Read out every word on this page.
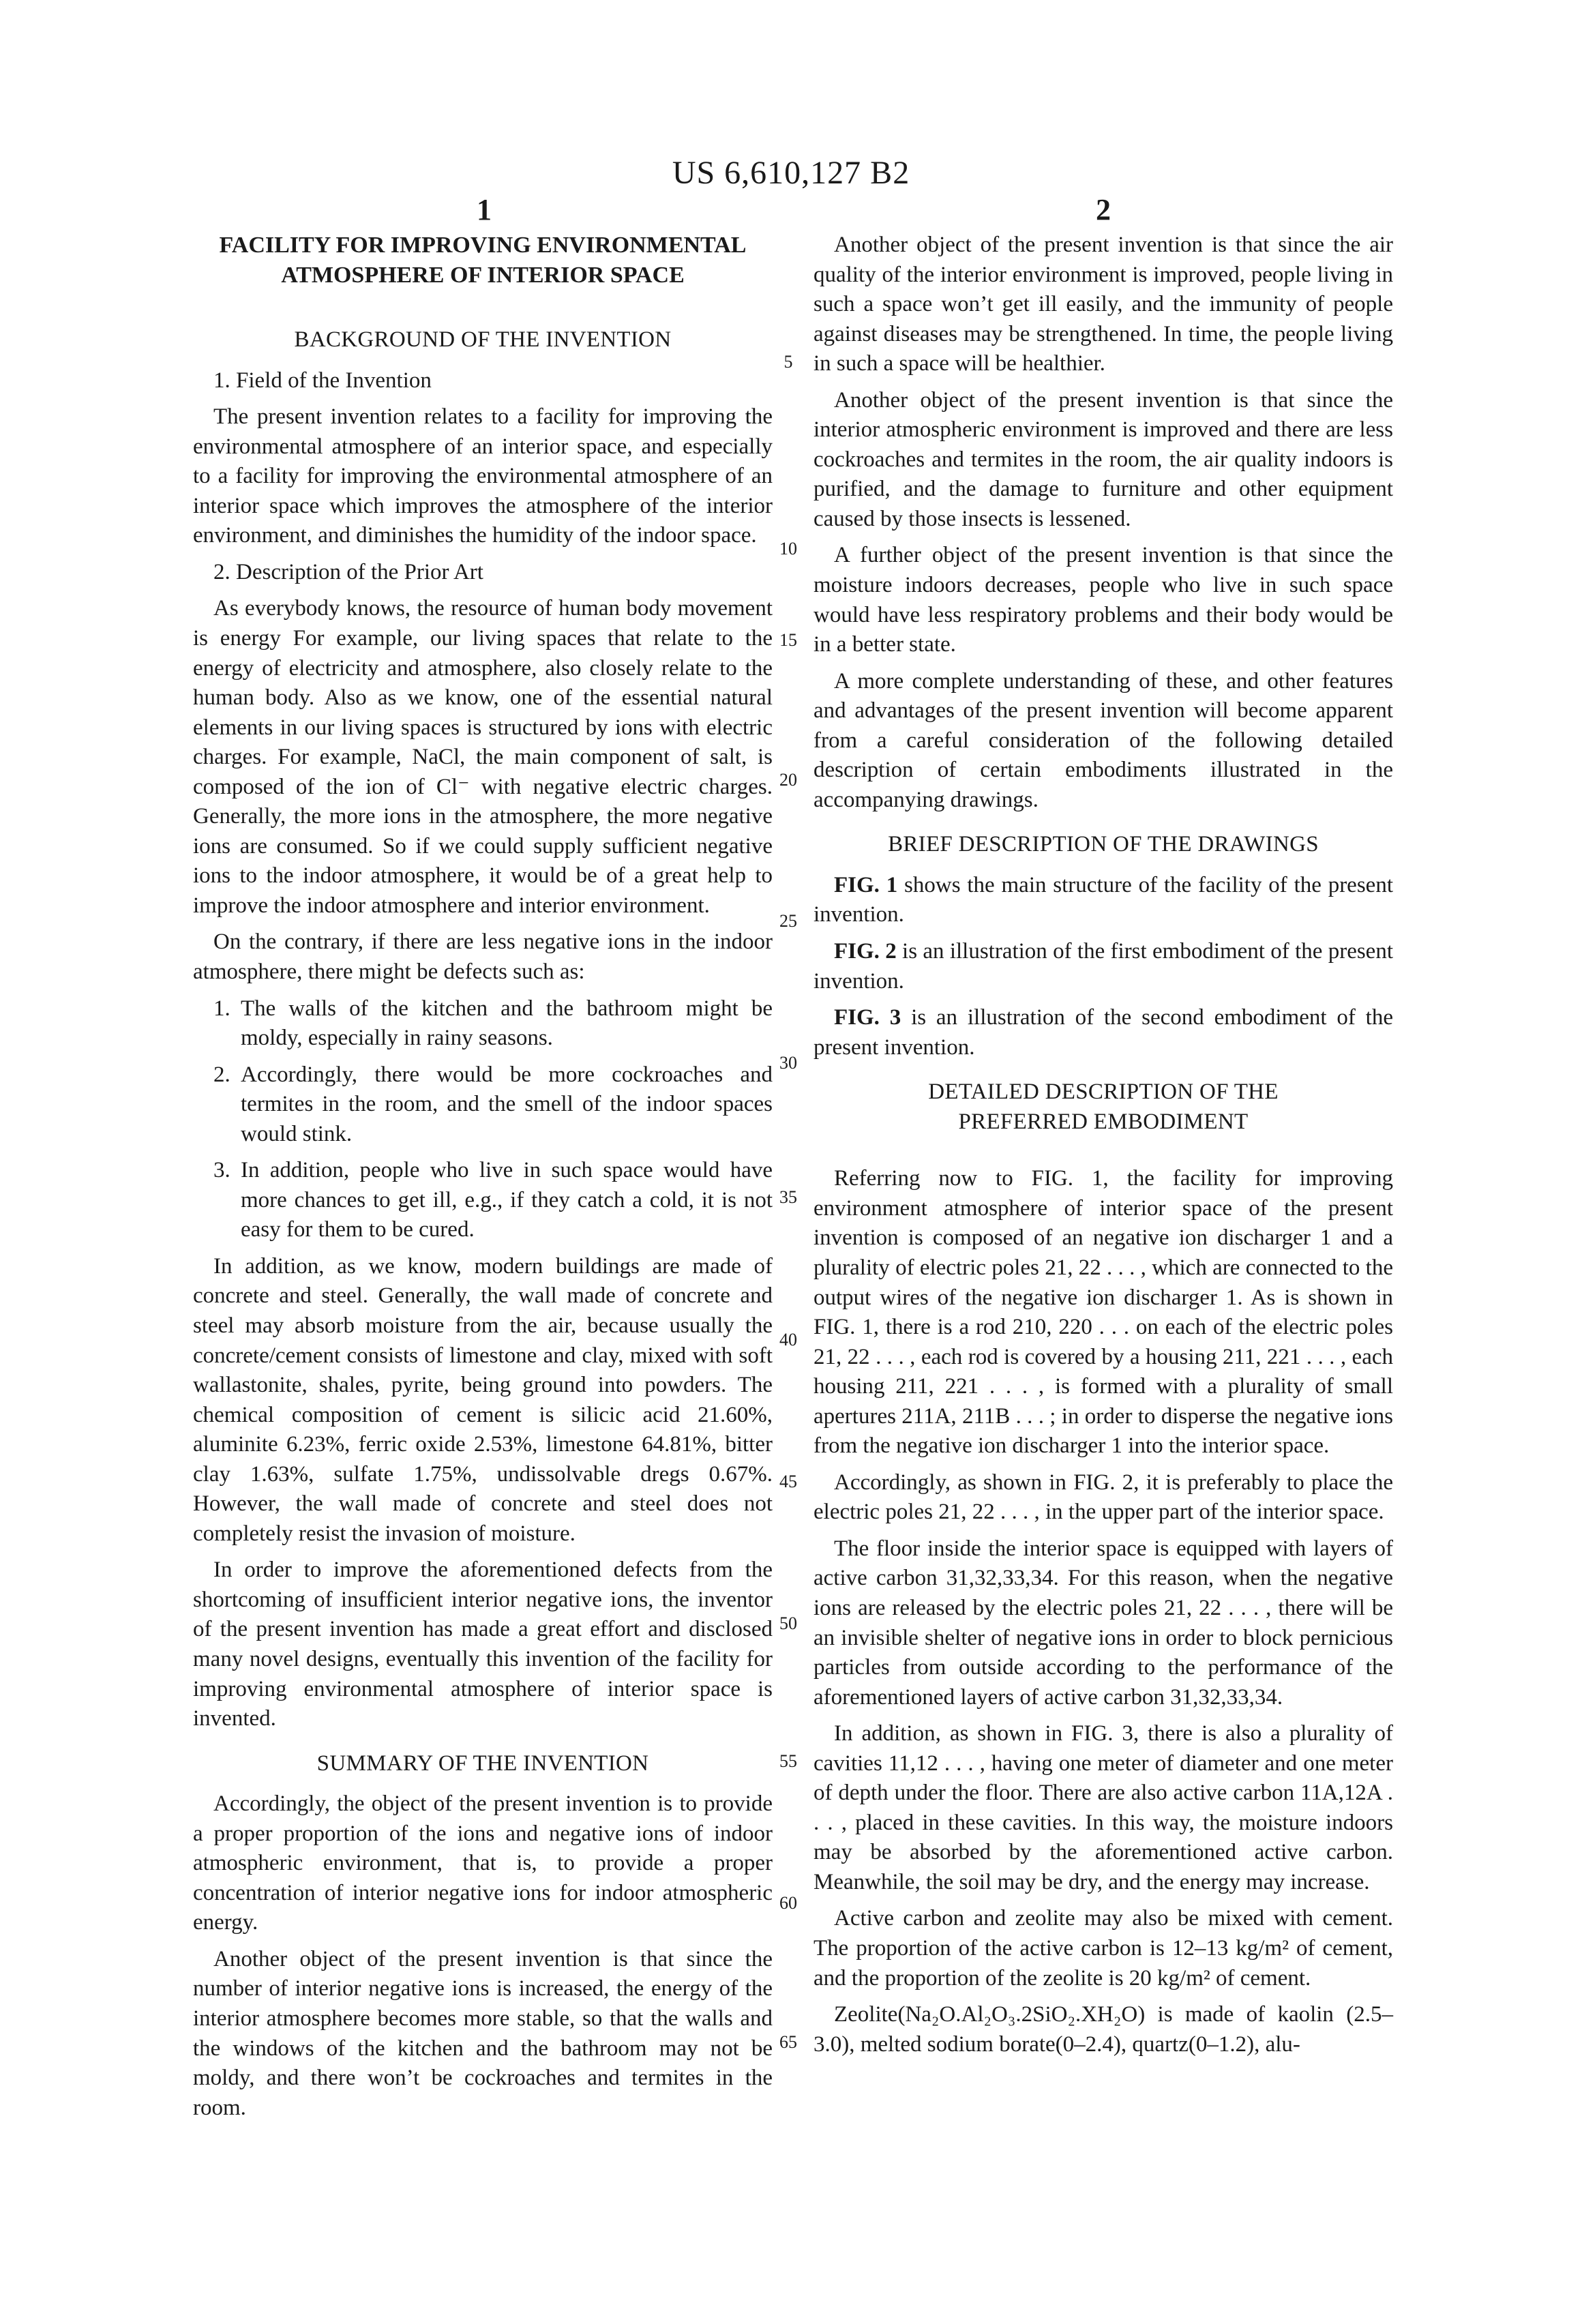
US 6,610,127 B2
1	2
FACILITY FOR IMPROVING ENVIRONMENTAL ATMOSPHERE OF INTERIOR SPACE
BACKGROUND OF THE INVENTION
1. Field of the Invention

The present invention relates to a facility for improving the environmental atmosphere of an interior space, and especially to a facility for improving the environmental atmosphere of an interior space which improves the atmosphere of the interior environment, and diminishes the humidity of the indoor space.

2. Description of the Prior Art

As everybody knows, the resource of human body movement is energy For example, our living spaces that relate to the energy of electricity and atmosphere, also closely relate to the human body. Also as we know, one of the essential natural elements in our living spaces is structured by ions with electric charges. For example, NaCl, the main component of salt, is composed of the ion of Cl⁻ with negative electric charges. Generally, the more ions in the atmosphere, the more negative ions are consumed. So if we could supply sufficient negative ions to the indoor atmosphere, it would be of a great help to improve the indoor atmosphere and interior environment.

On the contrary, if there are less negative ions in the indoor atmosphere, there might be defects such as:

1. The walls of the kitchen and the bathroom might be moldy, especially in rainy seasons.

2. Accordingly, there would be more cockroaches and termites in the room, and the smell of the indoor spaces would stink.

3. In addition, people who live in such space would have more chances to get ill, e.g., if they catch a cold, it is not easy for them to be cured.

In addition, as we know, modern buildings are made of concrete and steel. Generally, the wall made of concrete and steel may absorb moisture from the air, because usually the concrete/cement consists of limestone and clay, mixed with soft wallastonite, shales, pyrite, being ground into powders. The chemical composition of cement is silicic acid 21.60%, aluminite 6.23%, ferric oxide 2.53%, limestone 64.81%, bitter clay 1.63%, sulfate 1.75%, undissolvable dregs 0.67%. However, the wall made of concrete and steel does not completely resist the invasion of moisture.

In order to improve the aforementioned defects from the shortcoming of insufficient interior negative ions, the inventor of the present invention has made a great effort and disclosed many novel designs, eventually this invention of the facility for improving environmental atmosphere of interior space is invented.

SUMMARY OF THE INVENTION

Accordingly, the object of the present invention is to provide a proper proportion of the ions and negative ions of indoor atmospheric environment, that is, to provide a proper concentration of interior negative ions for indoor atmospheric energy.

Another object of the present invention is that since the number of interior negative ions is increased, the energy of the interior atmosphere becomes more stable, so that the walls and the windows of the kitchen and the bathroom may not be moldy, and there won’t be cockroaches and termites in the room.

Another object of the present invention is that since the air quality of the interior environment is improved, people living in such a space won’t get ill easily, and the immunity of people against diseases may be strengthened. In time, the people living in such a space will be healthier.

Another object of the present invention is that since the interior atmospheric environment is improved and there are less cockroaches and termites in the room, the air quality indoors is purified, and the damage to furniture and other equipment caused by those insects is lessened.

A further object of the present invention is that since the moisture indoors decreases, people who live in such space would have less respiratory problems and their body would be in a better state.

A more complete understanding of these, and other features and advantages of the present invention will become apparent from a careful consideration of the following detailed description of certain embodiments illustrated in the accompanying drawings.

BRIEF DESCRIPTION OF THE DRAWINGS

FIG. 1 shows the main structure of the facility of the present invention.

FIG. 2 is an illustration of the first embodiment of the present invention.

FIG. 3 is an illustration of the second embodiment of the present invention.

DETAILED DESCRIPTION OF THE
PREFERRED EMBODIMENT

Referring now to FIG. 1, the facility for improving environment atmosphere of interior space of the present invention is composed of an negative ion discharger 1 and a plurality of electric poles 21, 22 . . . , which are connected to the output wires of the negative ion discharger 1. As is shown in FIG. 1, there is a rod 210, 220 . . . on each of the electric poles 21, 22 . . . , each rod is covered by a housing 211, 221 . . . , each housing 211, 221 . . . , is formed with a plurality of small apertures 211A, 211B . . . ; in order to disperse the negative ions from the negative ion discharger 1 into the interior space.

Accordingly, as shown in FIG. 2, it is preferably to place the electric poles 21, 22 . . . , in the upper part of the interior space.

The floor inside the interior space is equipped with layers of active carbon 31,32,33,34. For this reason, when the negative ions are released by the electric poles 21, 22 . . . , there will be an invisible shelter of negative ions in order to block pernicious particles from outside according to the performance of the aforementioned layers of active carbon 31,32,33,34.

In addition, as shown in FIG. 3, there is also a plurality of cavities 11,12 . . . , having one meter of diameter and one meter of depth under the floor. There are also active carbon 11A,12A . . . , placed in these cavities. In this way, the moisture indoors may be absorbed by the aforementioned active carbon. Meanwhile, the soil may be dry, and the energy may increase.

Active carbon and zeolite may also be mixed with cement. The proportion of the active carbon is 12–13 kg/m² of cement, and the proportion of the zeolite is 20 kg/m² of cement.

Zeolite(Na₂O.Al₂O₃.2SiO₂.XH₂O) is made of kaolin (2.5–3.0), melted sodium borate(0–2.4), quartz(0–1.2), alu-

5
10
15
20
25
30
35
40
45
50
55
60
65
